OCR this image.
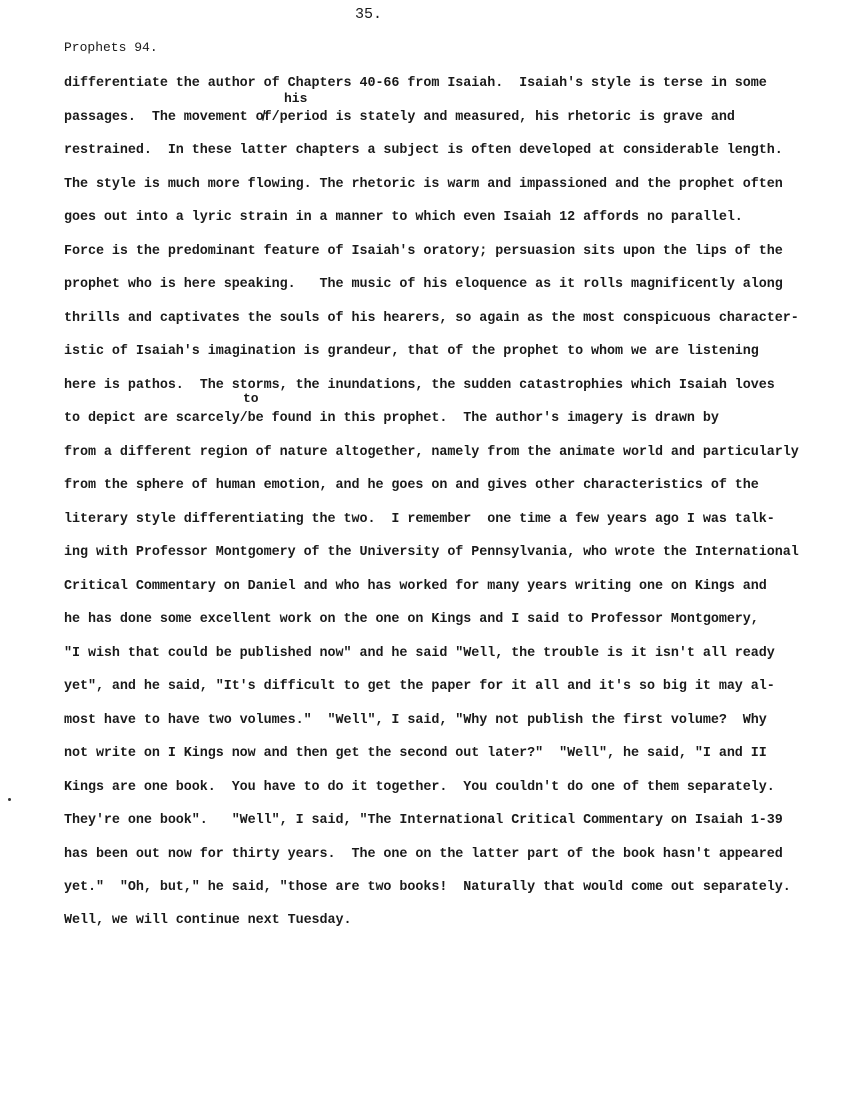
35.
Prophets 94.
his
to
differentiate the author of Chapters 40-66 from Isaiah.  Isaiah's style is terse in some
passages.  The movement o̸f/period is stately and measured, his rhetoric is grave and
restrained.  In these latter chapters a subject is often developed at considerable length.
The style is much more flowing. The rhetoric is warm and impassioned and the prophet often
goes out into a lyric strain in a manner to which even Isaiah 12 affords no parallel.
Force is the predominant feature of Isaiah's oratory; persuasion sits upon the lips of the
prophet who is here speaking.   The music of his eloquence as it rolls magnificently along
thrills and captivates the souls of his hearers, so again as the most conspicuous character-
istic of Isaiah's imagination is grandeur, that of the prophet to whom we are listening
here is pathos.  The storms, the inundations, the sudden catastrophies which Isaiah loves
to depict are scarcely/be found in this prophet.  The author's imagery is drawn by
from a different region of nature altogether, namely from the animate world and particularly
from the sphere of human emotion, and he goes on and gives other characteristics of the
literary style differentiating the two.  I remember  one time a few years ago I was talk-
ing with Professor Montgomery of the University of Pennsylvania, who wrote the International
Critical Commentary on Daniel and who has worked for many years writing one on Kings and
he has done some excellent work on the one on Kings and I said to Professor Montgomery,
"I wish that could be published now" and he said "Well, the trouble is it isn't all ready
yet", and he said, "It's difficult to get the paper for it all and it's so big it may al-
most have to have two volumes."  "Well", I said, "Why not publish the first volume?  Why
not write on I Kings now and then get the second out later?"  "Well", he said, "I and II
Kings are one book.  You have to do it together.  You couldn't do one of them separately.
They're one book".   "Well", I said, "The International Critical Commentary on Isaiah 1-39
has been out now for thirty years.  The one on the latter part of the book hasn't appeared
yet."  "Oh, but," he said, "those are two books!  Naturally that would come out separately.
Well, we will continue next Tuesday.
